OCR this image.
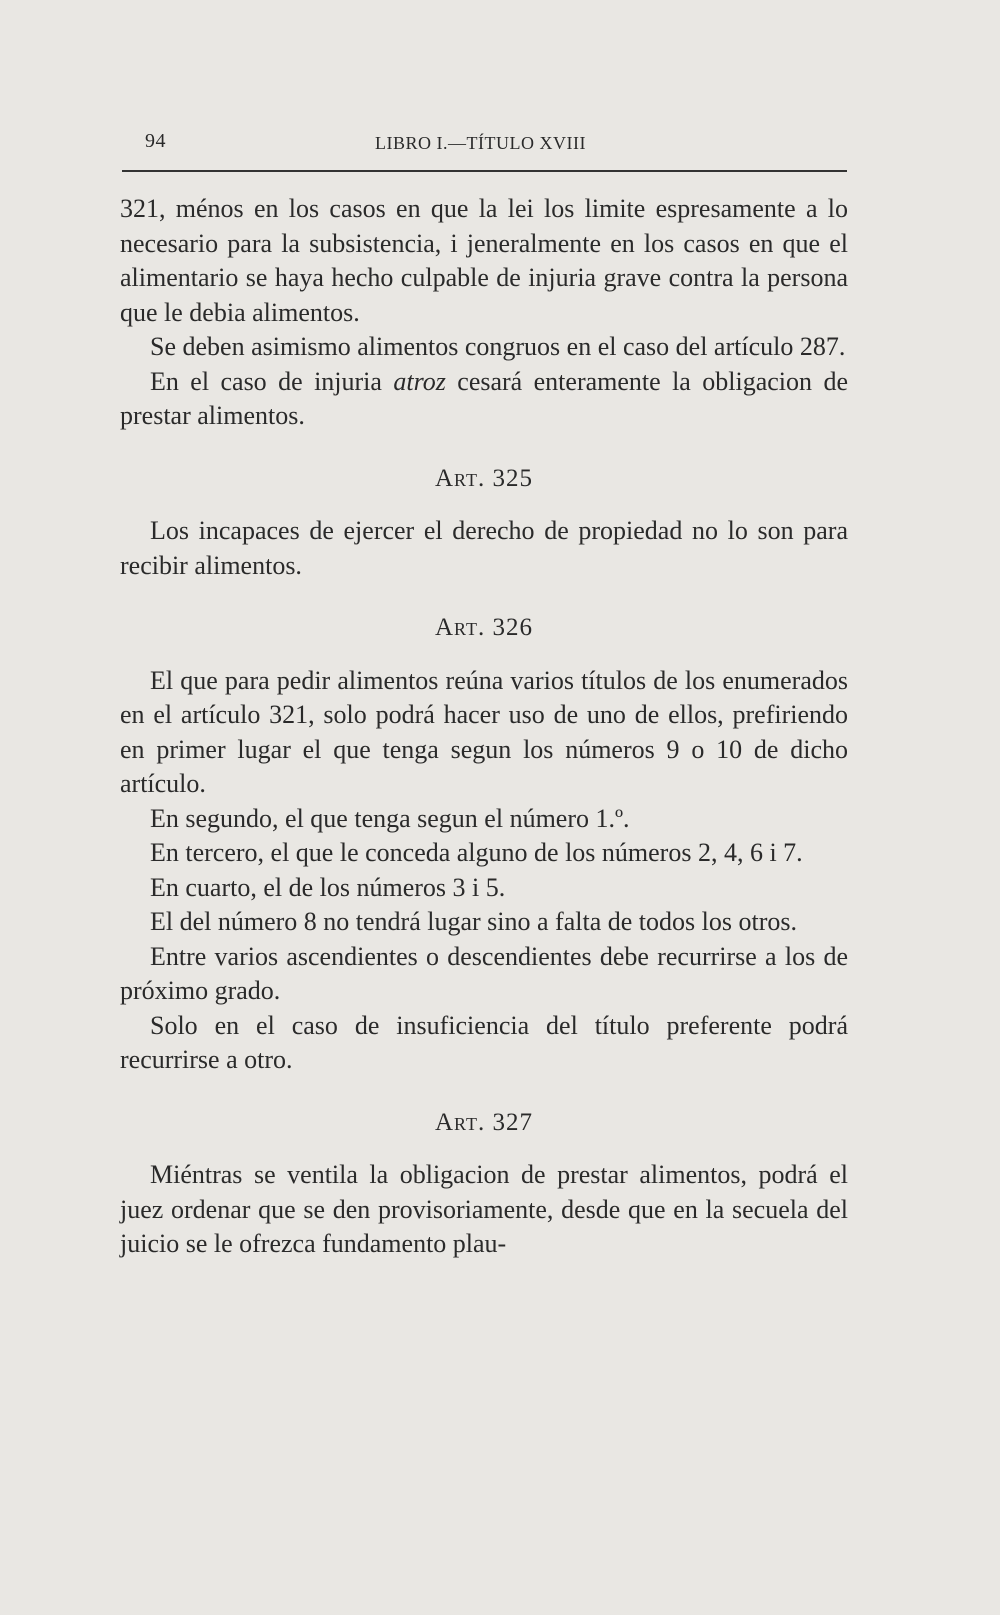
94	LIBRO I.—TÍTULO XVIII

321, ménos en los casos en que la lei los limite espresamente a lo necesario para la subsistencia, i jeneralmente en los casos en que el alimentario se haya hecho culpable de injuria grave contra la persona que le debia alimentos.

Se deben asimismo alimentos congruos en el caso del artículo 287.

En el caso de injuria atroz cesará enteramente la obligacion de prestar alimentos.

Art. 325

Los incapaces de ejercer el derecho de propiedad no lo son para recibir alimentos.

Art. 326

El que para pedir alimentos reúna varios títulos de los enumerados en el artículo 321, solo podrá hacer uso de uno de ellos, prefiriendo en primer lugar el que tenga segun los números 9 o 10 de dicho artículo.

En segundo, el que tenga segun el número 1.º.

En tercero, el que le conceda alguno de los números 2, 4, 6 i 7.

En cuarto, el de los números 3 i 5.

El del número 8 no tendrá lugar sino a falta de todos los otros.

Entre varios ascendientes o descendientes debe recurrirse a los de próximo grado.

Solo en el caso de insuficiencia del título preferente podrá recurrirse a otro.

Art. 327

Miéntras se ventila la obligacion de prestar alimentos, podrá el juez ordenar que se den provisoriamente, desde que en la secuela del juicio se le ofrezca fundamento plau-
